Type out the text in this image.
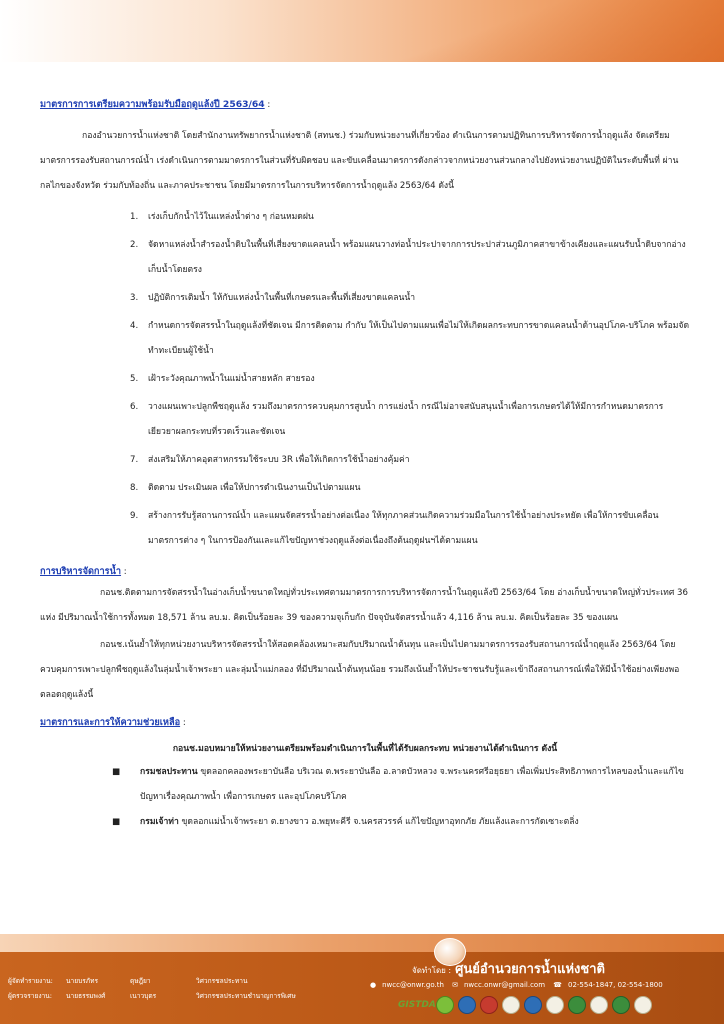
มาตรการการเตรียมความพร้อมรับมือฤดูแล้งปี 2563/64 :

กองอำนวยการน้ำแห่งชาติ โดยสำนักงานทรัพยากรน้ำแห่งชาติ (สทนช.) ร่วมกับหน่วยงานที่เกี่ยวข้อง ดำเนินการตามปฏิทินการบริหารจัดการน้ำฤดูแล้ง จัดเตรียมมาตรการรองรับสถานการณ์น้ำ เร่งดำเนินการตามมาตรการในส่วนที่รับผิดชอบ และขับเคลื่อนมาตรการดังกล่าวจากหน่วยงานส่วนกลางไปยังหน่วยงานปฏิบัติในระดับพื้นที่ ผ่านกลไกของจังหวัด ร่วมกับท้องถิ่น และภาคประชาชน โดยมีมาตรการในการบริหารจัดการน้ำฤดูแล้ง 2563/64 ดังนี้

1. เร่งเก็บกักน้ำไว้ในแหล่งน้ำต่าง ๆ ก่อนหมดฝน
2. จัดหาแหล่งน้ำสำรองน้ำดิบในพื้นที่เสี่ยงขาดแคลนน้ำ พร้อมแผนวางท่อน้ำประปาจากการประปาส่วนภูมิภาคสาขาข้างเคียงและแผนรับน้ำดิบจากอ่างเก็บน้ำโดยตรง
3. ปฏิบัติการเติมน้ำ ให้กับแหล่งน้ำในพื้นที่เกษตรและพื้นที่เสี่ยงขาดแคลนน้ำ
4. กำหนดการจัดสรรน้ำในฤดูแล้งที่ชัดเจน มีการติดตาม กำกับ ให้เป็นไปตามแผนเพื่อไม่ให้เกิดผลกระทบการขาดแคลนน้ำด้านอุปโภค-บริโภค พร้อมจัดทำทะเบียนผู้ใช้น้ำ
5. เฝ้าระวังคุณภาพน้ำในแม่น้ำสายหลัก สายรอง
6. วางแผนเพาะปลูกพืชฤดูแล้ง รวมถึงมาตรการควบคุมการสูบน้ำ การแย่งน้ำ กรณีไม่อาจสนับสนุนน้ำเพื่อการเกษตรได้ให้มีการกำหนดมาตรการเยียวยาผลกระทบที่รวดเร็วและชัดเจน
7. ส่งเสริมให้ภาคอุตสาหกรรมใช้ระบบ 3R เพื่อให้เกิดการใช้น้ำอย่างคุ้มค่า
8. ติดตาม ประเมินผล เพื่อให้ปการดำเนินงานเป็นไปตามแผน
9. สร้างการรับรู้สถานการณ์น้ำ และแผนจัดสรรน้ำอย่างต่อเนื่อง ให้ทุกภาคส่วนเกิดความร่วมมือในการใช้น้ำอย่างประหยัด เพื่อให้การขับเคลื่อนมาตรการต่าง ๆ ในการป้องกันและแก้ไขปัญหาช่วงฤดูแล้งต่อเนื่องถึงต้นฤดูฝนฯได้ตามแผน

การบริหารจัดการน้ำ :

กอนช.ติดตามการจัดสรรน้ำในอ่างเก็บน้ำขนาดใหญ่ทั่วประเทศตามมาตรการการบริหารจัดการน้ำในฤดูแล้งปี 2563/64 โดย อ่างเก็บน้ำขนาดใหญ่ทั่วประเทศ 36 แห่ง มีปริมาณน้ำใช้การทั้งหมด 18,571 ล้าน ลบ.ม. คิดเป็นร้อยละ 39 ของความจุเก็บกัก ปัจจุบันจัดสรรน้ำแล้ว 4,116 ล้าน ลบ.ม. คิดเป็นร้อยละ 35 ของแผน

กอนช.เน้นย้ำให้ทุกหน่วยงานบริหารจัดสรรน้ำให้สอดคล้องเหมาะสมกับปริมาณน้ำต้นทุน และเป็นไปตามมาตรการรองรับสถานการณ์น้ำฤดูแล้ง 2563/64 โดยควบคุมการเพาะปลูกพืชฤดูแล้งในลุ่มน้ำเจ้าพระยา และลุ่มน้ำแม่กลอง ที่มีปริมาณน้ำต้นทุนน้อย รวมถึงเน้นย้ำให้ประชาชนรับรู้และเข้าถึงสถานการณ์เพื่อให้มีน้ำใช้อย่างเพียงพอตลอดฤดูแล้งนี้

มาตรการและการให้ความช่วยเหลือ :

กอนช.มอบหมายให้หน่วยงานเตรียมพร้อมดำเนินการในพื้นที่ได้รับผลกระทบ หน่วยงานได้ดำเนินการ ดังนี้

■ กรมชลประทาน ขุดลอกคลองพระยาบันลือ บริเวณ ต.พระยาบันลือ อ.ลาดบัวหลวง จ.พระนครศรีอยุธยา เพื่อเพิ่มประสิทธิภาพการไหลของน้ำและแก้ไขปัญหาเรื่องคุณภาพน้ำ เพื่อการเกษตร และอุปโภคบริโภค
■ กรมเจ้าท่า ขุดลอกแม่น้ำเจ้าพระยา ต.ยางขาว อ.พยุหะคีรี จ.นครสวรรค์ แก้ไขปัญหาอุทกภัย ภัยแล้งและการกัดเซาะตลิ่ง
ผู้จัดทำรายงาน: นายบรภัทร	ดุษฎียา	วิศวกรชลประทาน
ผู้ตรวจรายงาน: นายธรรมพงศ์	เนาวบุตร	วิศวกรชลประทานชำนาญการพิเศษ
จัดทำโดย : ศูนย์อำนวยการน้ำแห่งชาติ
● nwcc@onwr.go.th ✉ nwcc.onwr@gmail.com ☎ 02-554-1847, 02-554-1800
GISTDA
